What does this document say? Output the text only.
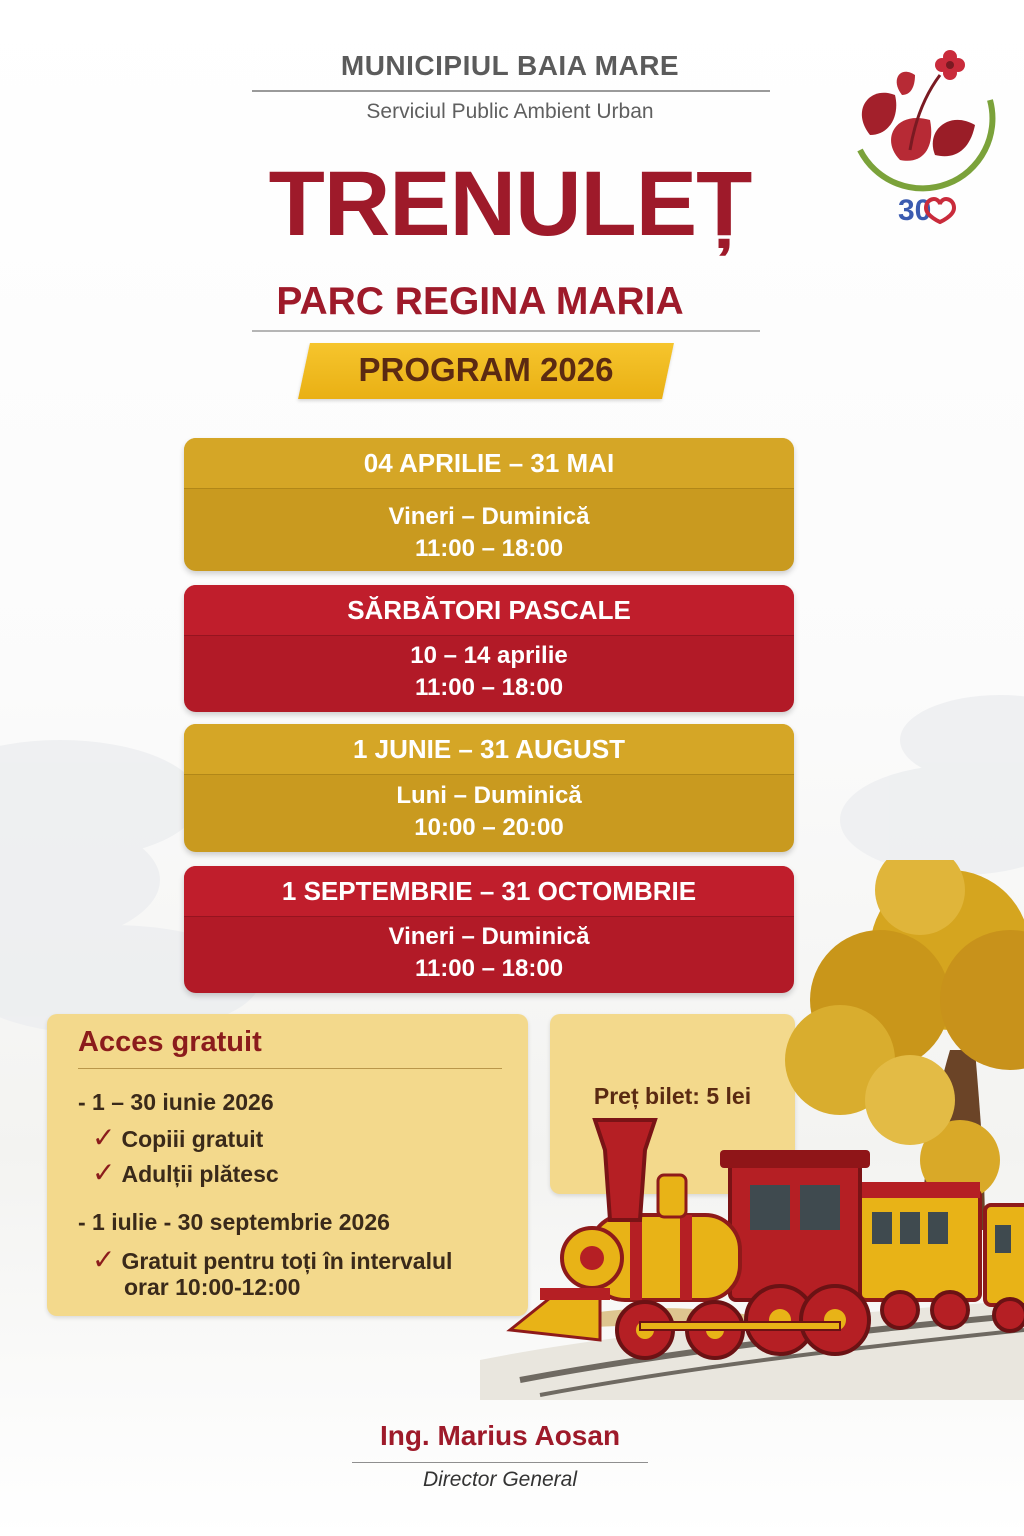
MUNICIPIUL BAIA MARE
Serviciul Public Ambient Urban
30
TRENULEȚ
PARC REGINA MARIA
PROGRAM 2026
04 APRILIE – 31 MAI
Vineri – Duminică
11:00 – 18:00
SĂRBĂTORI PASCALE
10 – 14 aprilie
11:00 – 18:00
1 JUNIE – 31 AUGUST
Luni – Duminică
10:00 – 20:00
1 SEPTEMBRIE – 31 OCTOMBRIE
Vineri – Duminică
11:00 – 18:00
Acces gratuit
- 1 – 30 iunie 2026
✓ Copiii gratuit
✓ Adulții plătesc
- 1 iulie - 30 septembrie 2026
✓ Gratuit pentru toți în intervalul
orar 10:00-12:00
Preț bilet: 5 lei
Ing. Marius Aosan
Director General
